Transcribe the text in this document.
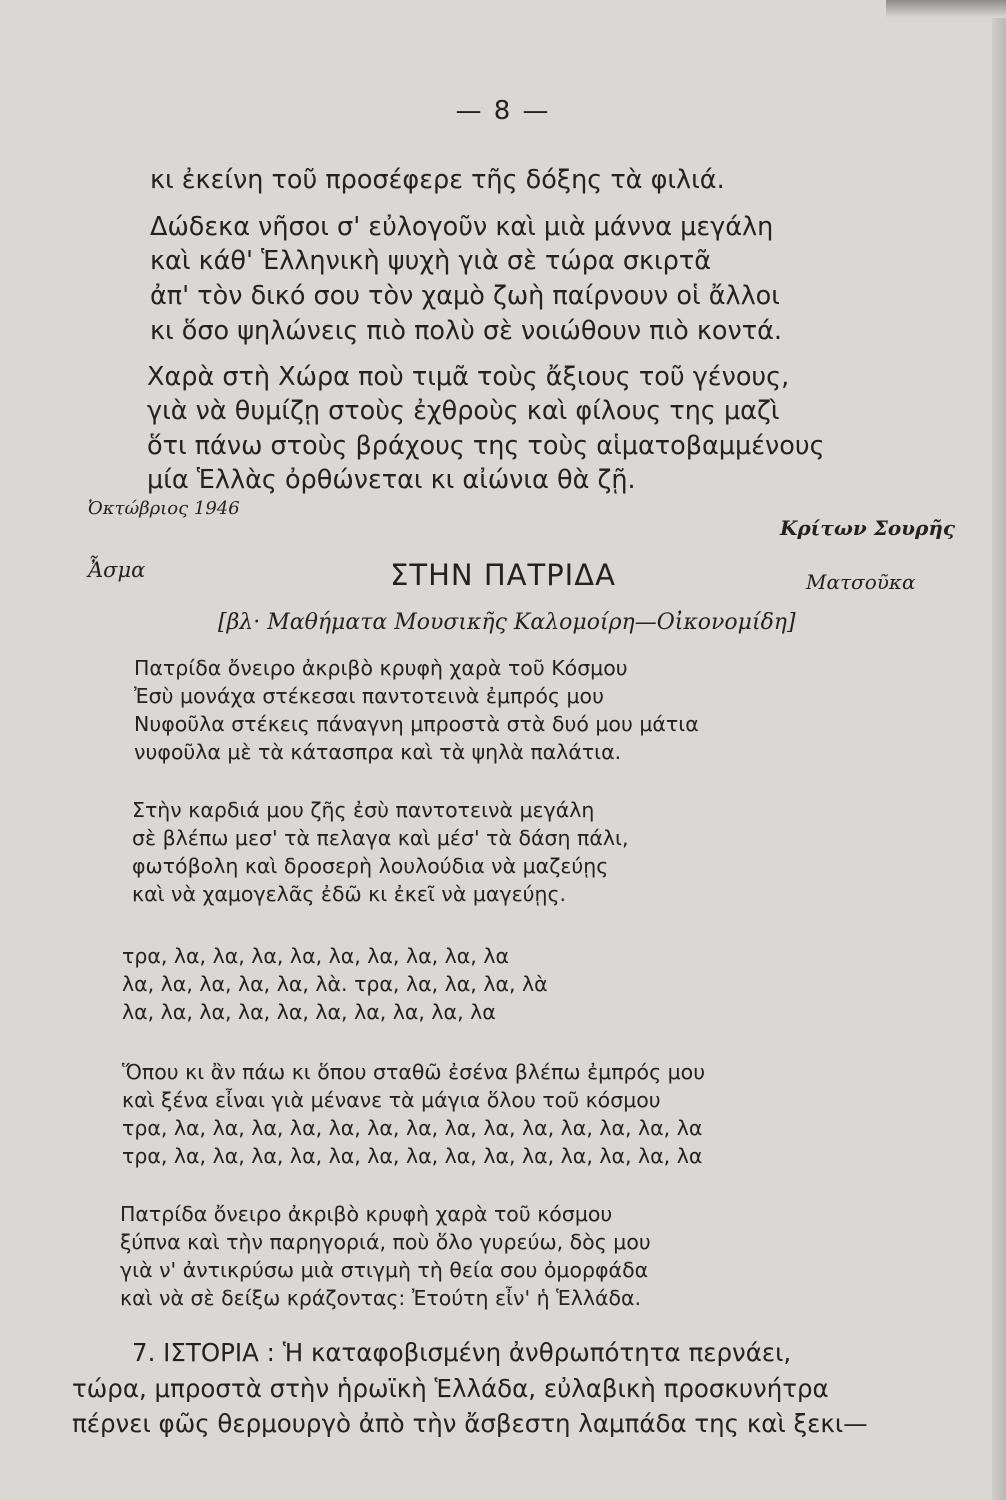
— 8 —
κι ἐκείνη τοῦ προσέφερε τῆς δόξης τὰ φιλιά.
Δώδεκα νῆσοι σ' εὐλογοῦν καὶ μιὰ μάννα μεγάλη
καὶ κάθ' Ἑλληνικὴ ψυχὴ γιὰ σὲ τώρα σκιρτᾶ
ἀπ' τὸν δικό σου τὸν χαμὸ ζωὴ παίρνουν οἱ ἄλλοι
κι ὅσο ψηλώνεις πιὸ πολὺ σὲ νοιώθουν πιὸ κοντά.
Χαρὰ στὴ Χώρα ποὺ τιμᾶ τοὺς ἄξιους τοῦ γένους,
γιὰ νὰ θυμίζῃ στοὺς ἐχθροὺς καὶ φίλους της μαζὶ
ὅτι πάνω στοὺς βράχους της τοὺς αἱματοβαμμένους
μία Ἑλλὰς ὀρθώνεται κι αἰώνια θὰ ζῇ.
Ὀκτώβριος 1946
Κρίτων Σουρῆς
Ἆσμα	ΣΤΗΝ ΠΑΤΡΙΔΑ	Ματσοῦκα
[βλ· Μαθήματα Μουσικῆς Καλομοίρη—Οἰκονομίδη]
Πατρίδα ὄνειρο ἀκριβὸ κρυφὴ χαρὰ τοῦ Κόσμου
Ἐσὺ μονάχα στέκεσαι παντοτεινὰ ἐμπρός μου
Νυφοῦλα στέκεις πάναγνη μπροστὰ στὰ δυό μου μάτια
νυφοῦλα μὲ τὰ κάτασπρα καὶ τὰ ψηλὰ παλάτια.
Στὴν καρδιά μου ζῆς ἐσὺ παντοτεινὰ μεγάλη
σὲ βλέπω μεσ' τὰ πελαγα καὶ μέσ' τὰ δάση πάλι,
φωτόβολη καὶ δροσερὴ λουλούδια νὰ μαζεύῃς
καὶ νὰ χαμογελᾶς ἐδῶ κι ἐκεῖ νὰ μαγεύῃς.
τρα, λα, λα, λα, λα, λα, λα, λα, λα, λα
λα, λα, λα, λα, λα, λὰ. τρα, λα, λα, λα, λὰ
λα, λα, λα, λα, λα, λα, λα, λα, λα, λα
Ὅπου κι ἂν πάω κι ὅπου σταθῶ ἐσένα βλέπω ἐμπρός μου
καὶ ξένα εἶναι γιὰ μένανε τὰ μάγια ὅλου τοῦ κόσμου
τρα, λα, λα, λα, λα, λα, λα, λα, λα, λα, λα, λα, λα, λα, λα
τρα, λα, λα, λα, λα, λα, λα, λα, λα, λα, λα, λα, λα, λα, λα
Πατρίδα ὄνειρο ἀκριβὸ κρυφὴ χαρὰ τοῦ κόσμου
ξύπνα καὶ τὴν παρηγοριά, ποὺ ὅλο γυρεύω, δὸς μου
γιὰ ν' ἀντικρύσω μιὰ στιγμὴ τὴ θεία σου ὀμορφάδα
καὶ νὰ σὲ δείξω κράζοντας: Ἐτούτη εἶν' ἡ Ἑλλάδα.
7. ΙΣΤΟΡΙΑ : Ἡ καταφοβισμένη ἀνθρωπότητα περνάει,
τώρα, μπροστὰ στὴν ἡρωϊκὴ Ἑλλάδα, εὐλαβικὴ προσκυνήτρα
πέρνει φῶς θερμουργὸ ἀπὸ τὴν ἄσβεστη λαμπάδα της καὶ ξεκι—
